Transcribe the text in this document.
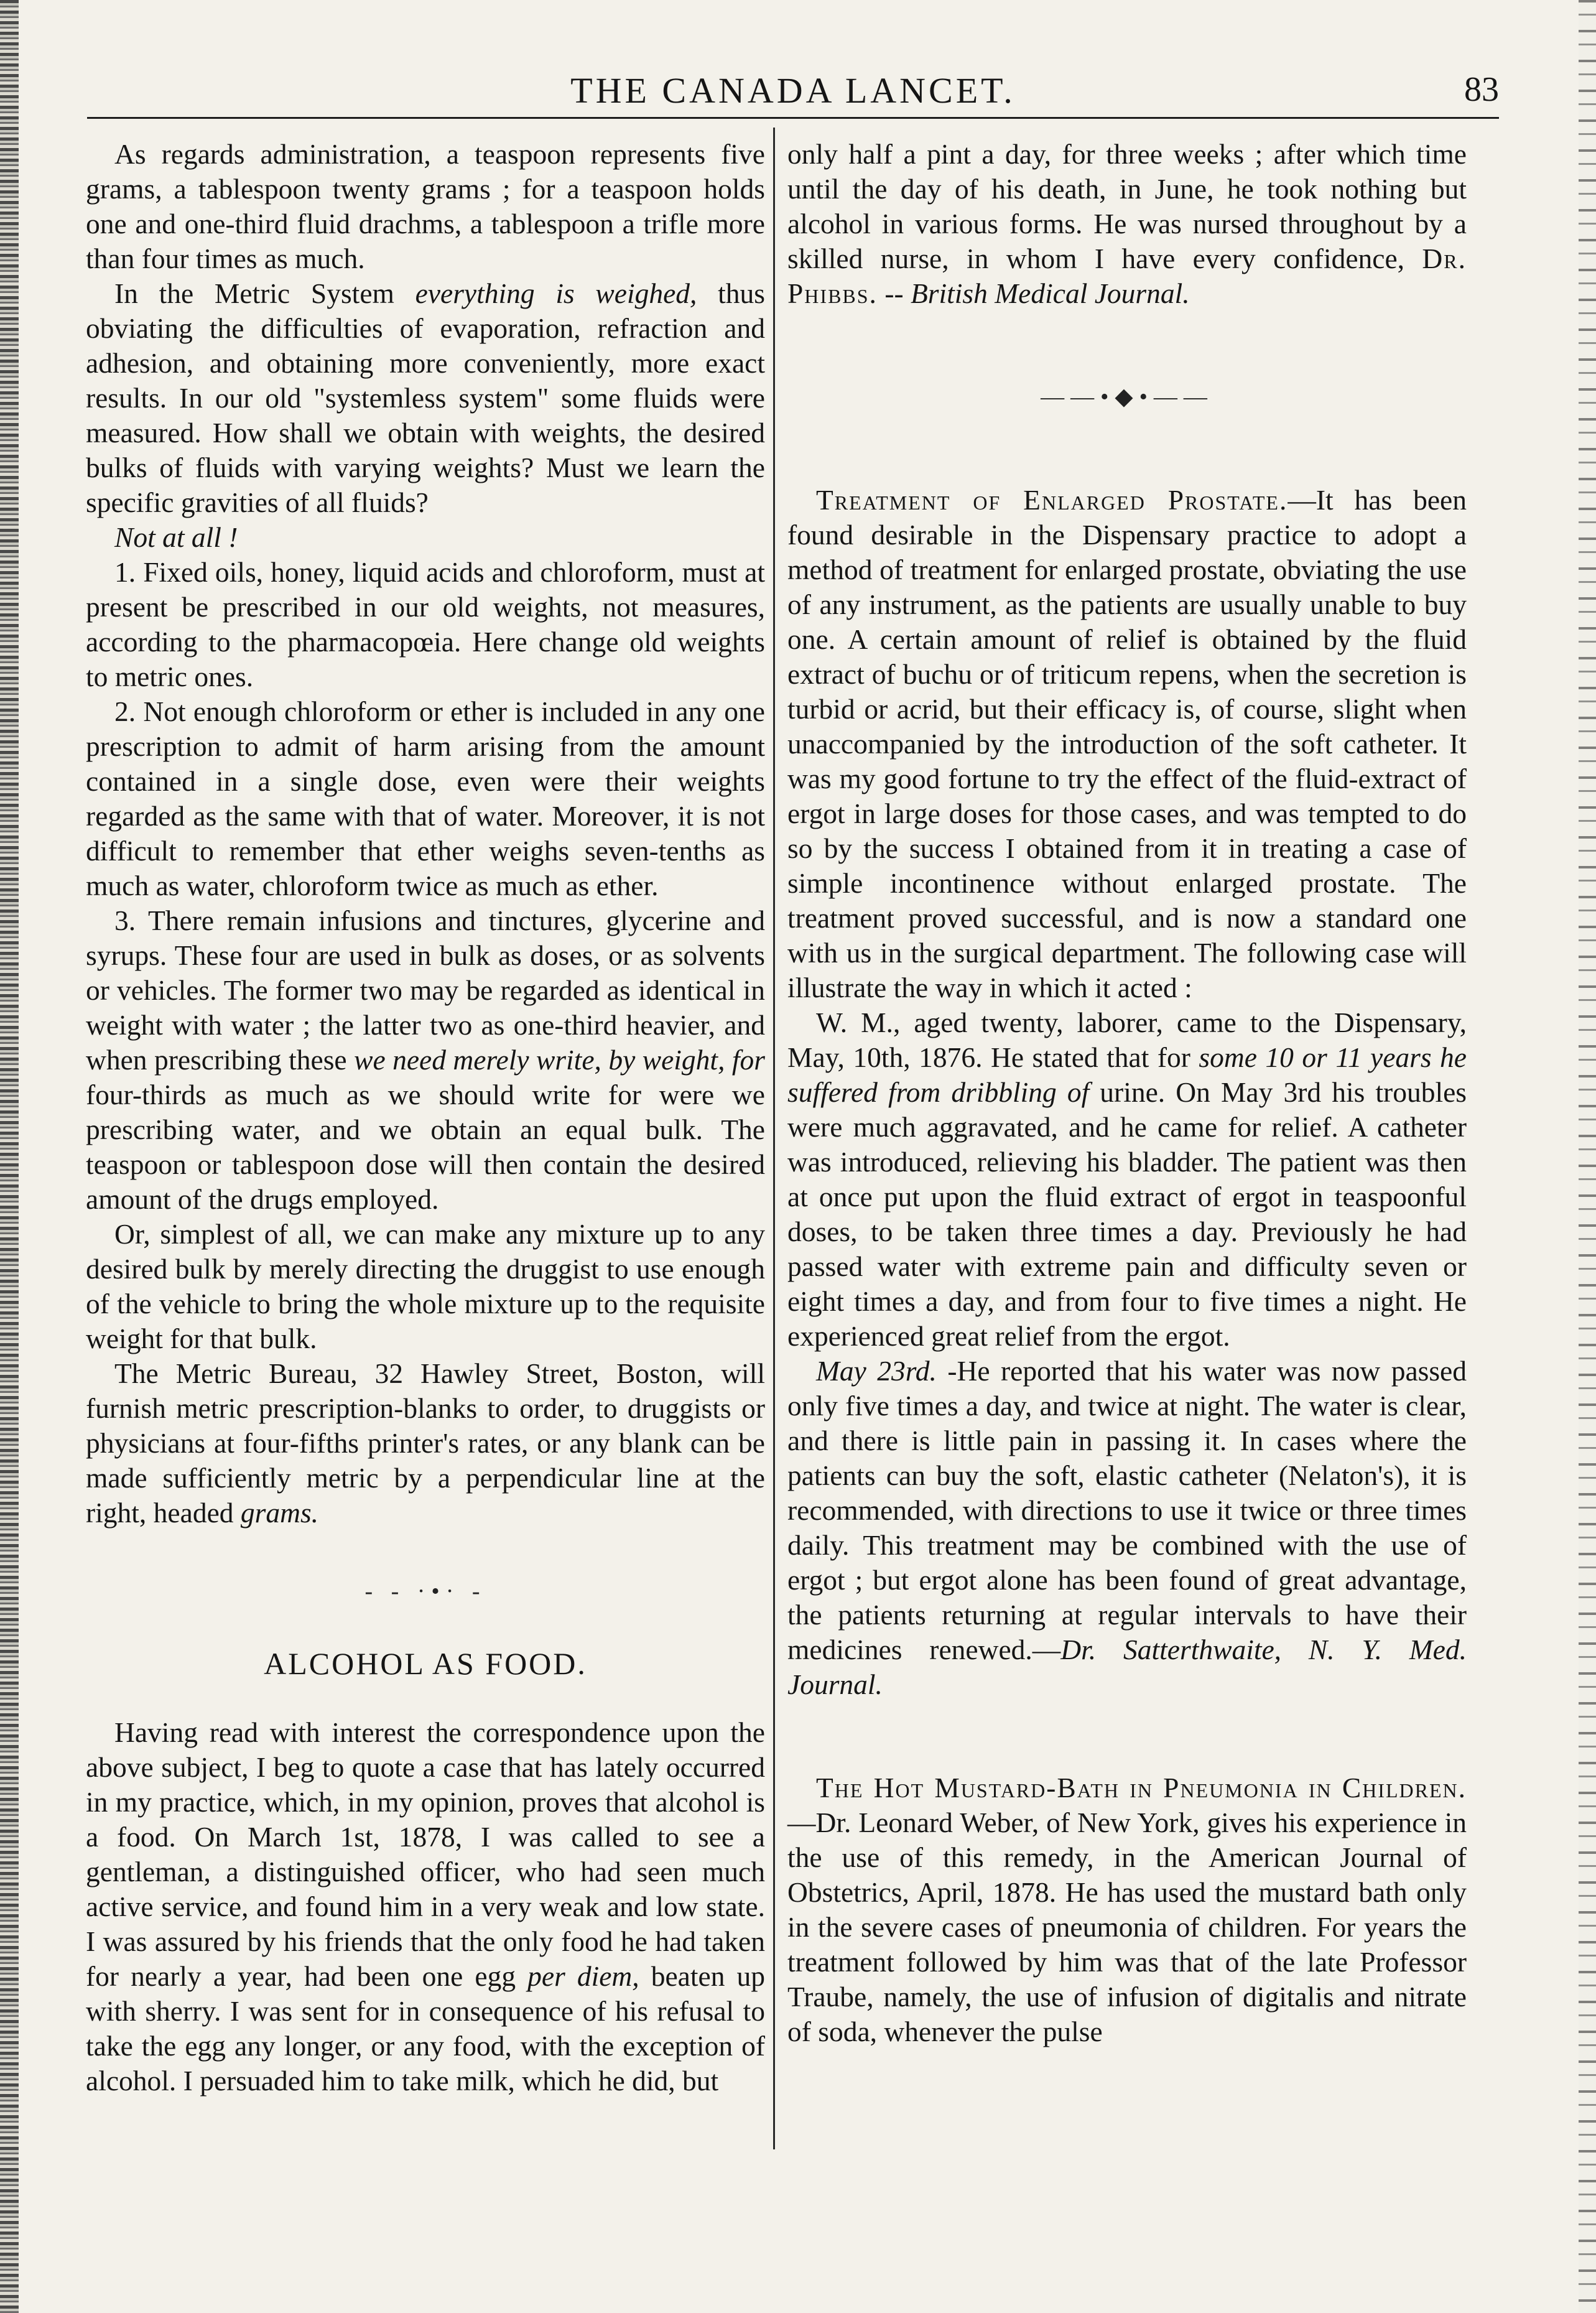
THE CANADA LANCET.	83

As regards administration, a teaspoon represents five grams, a tablespoon twenty grams ; for a teaspoon holds one and one-third fluid drachms, a tablespoon a trifle more than four times as much.

In the Metric System everything is weighed, thus obviating the difficulties of evaporation, refraction and adhesion, and obtaining more conveniently, more exact results. In our old "systemless system" some fluids were measured. How shall we obtain with weights, the desired bulks of fluids with varying weights? Must we learn the specific gravities of all fluids?

Not at all !

1. Fixed oils, honey, liquid acids and chloroform, must at present be prescribed in our old weights, not measures, according to the pharmacopœia. Here change old weights to metric ones.

2. Not enough chloroform or ether is included in any one prescription to admit of harm arising from the amount contained in a single dose, even were their weights regarded as the same with that of water. Moreover, it is not difficult to remember that ether weighs seven-tenths as much as water, chloroform twice as much as ether.

3. There remain infusions and tinctures, glycerine and syrups. These four are used in bulk as doses, or as solvents or vehicles. The former two may be regarded as identical in weight with water ; the latter two as one-third heavier, and when prescribing these we need merely write, by weight, for four-thirds as much as we should write for were we prescribing water, and we obtain an equal bulk. The teaspoon or tablespoon dose will then contain the desired amount of the drugs employed.

Or, simplest of all, we can make any mixture up to any desired bulk by merely directing the druggist to use enough of the vehicle to bring the whole mixture up to the requisite weight for that bulk.

The Metric Bureau, 32 Hawley Street, Boston, will furnish metric prescription-blanks to order, to druggists or physicians at four-fifths printer's rates, or any blank can be made sufficiently metric by a perpendicular line at the right, headed grams.

- - ·•· -
ALCOHOL AS FOOD.

Having read with interest the correspondence upon the above subject, I beg to quote a case that has lately occurred in my practice, which, in my opinion, proves that alcohol is a food. On March 1st, 1878, I was called to see a gentleman, a distinguished officer, who had seen much active service, and found him in a very weak and low state. I was assured by his friends that the only food he had taken for nearly a year, had been one egg per diem, beaten up with sherry. I was sent for in consequence of his refusal to take the egg any longer, or any food, with the exception of alcohol. I persuaded him to take milk, which he did, but

only half a pint a day, for three weeks ; after which time until the day of his death, in June, he took nothing but alcohol in various forms. He was nursed throughout by a skilled nurse, in whom I have every confidence, Dr. Phibbs. -- British Medical Journal.

——•◆•——

Treatment of Enlarged Prostate.—It has been found desirable in the Dispensary practice to adopt a method of treatment for enlarged prostate, obviating the use of any instrument, as the patients are usually unable to buy one. A certain amount of relief is obtained by the fluid extract of buchu or of triticum repens, when the secretion is turbid or acrid, but their efficacy is, of course, slight when unaccompanied by the introduction of the soft catheter. It was my good fortune to try the effect of the fluid-extract of ergot in large doses for those cases, and was tempted to do so by the success I obtained from it in treating a case of simple incontinence without enlarged prostate. The treatment proved successful, and is now a standard one with us in the surgical department. The following case will illustrate the way in which it acted :

W. M., aged twenty, laborer, came to the Dispensary, May, 10th, 1876. He stated that for some 10 or 11 years he suffered from dribbling of urine. On May 3rd his troubles were much aggravated, and he came for relief. A catheter was introduced, relieving his bladder. The patient was then at once put upon the fluid extract of ergot in teaspoonful doses, to be taken three times a day. Previously he had passed water with extreme pain and difficulty seven or eight times a day, and from four to five times a night. He experienced great relief from the ergot.

May 23rd. -He reported that his water was now passed only five times a day, and twice at night. The water is clear, and there is little pain in passing it. In cases where the patients can buy the soft, elastic catheter (Nelaton's), it is recommended, with directions to use it twice or three times daily. This treatment may be combined with the use of ergot ; but ergot alone has been found of great advantage, the patients returning at regular intervals to have their medicines renewed.—Dr. Satterthwaite, N. Y. Med. Journal.

The Hot Mustard-Bath in Pneumonia in Children.—Dr. Leonard Weber, of New York, gives his experience in the use of this remedy, in the American Journal of Obstetrics, April, 1878. He has used the mustard bath only in the severe cases of pneumonia of children. For years the treatment followed by him was that of the late Professor Traube, namely, the use of infusion of digitalis and nitrate of soda, whenever the pulse
